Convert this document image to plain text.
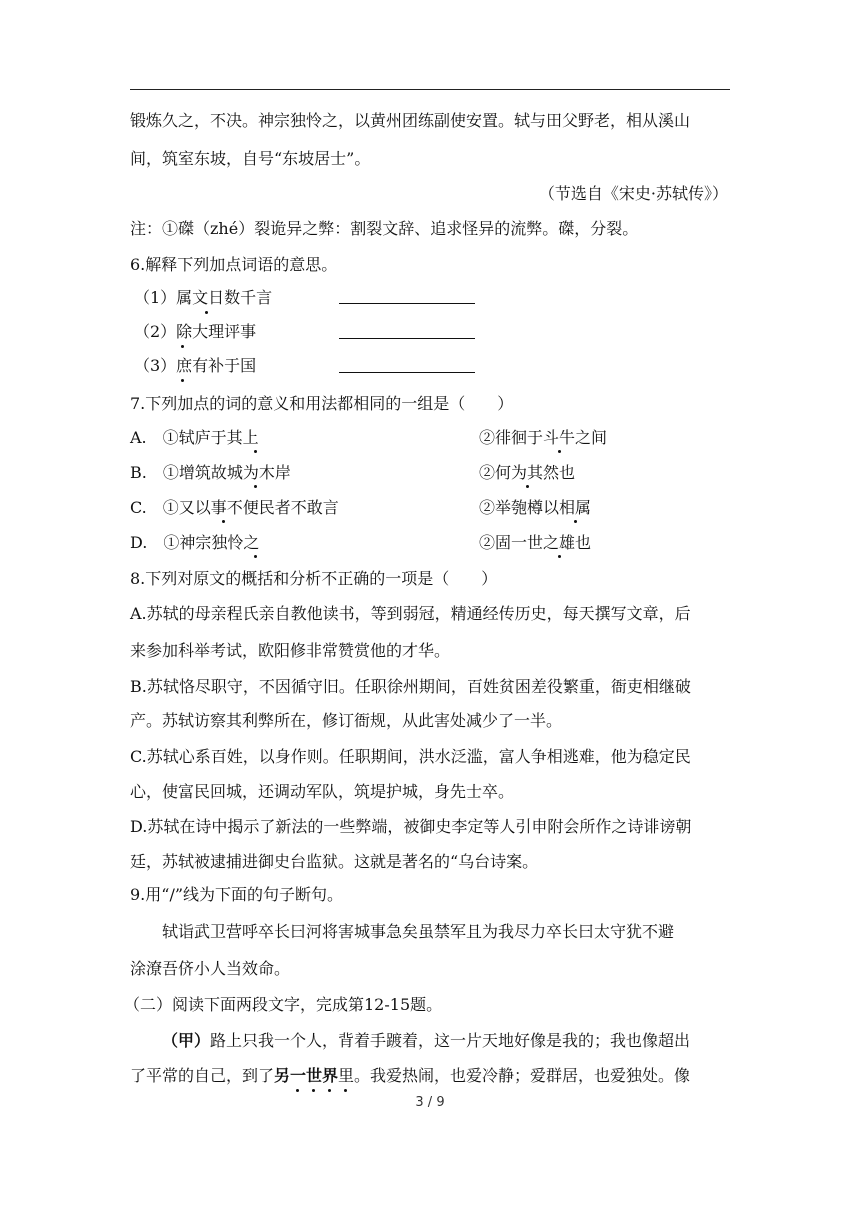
锻炼久之，不决。神宗独怜之，以黄州团练副使安置。轼与田父野老，相从溪山
间，筑室东坡，自号“东坡居士”。
（节选自《宋史·苏轼传》）
注：①磔（zhé）裂诡异之弊：割裂文辞、追求怪异的流弊。磔，分裂。
6.解释下列加点词语的意思。
（1）属文日数千言
（2）除大理评事
（3）庶有补于国
7.下列加点的词的意义和用法都相同的一组是（　　）
A.　①轼庐于其上	②徘徊于斗牛之间
B.　①增筑故城为木岸	②何为其然也
C.　①又以事不便民者不敢言	②举匏樽以相属
D.　①神宗独怜之	②固一世之雄也
8.下列对原文的概括和分析不正确的一项是（　　）
A.苏轼的母亲程氏亲自教他读书，等到弱冠，精通经传历史，每天撰写文章，后
来参加科举考试，欧阳修非常赞赏他的才华。
B.苏轼恪尽职守，不因循守旧。任职徐州期间，百姓贫困差役繁重，衙吏相继破
产。苏轼访察其利弊所在，修订衙规，从此害处减少了一半。
C.苏轼心系百姓，以身作则。任职期间，洪水泛滥，富人争相逃难，他为稳定民
心，使富民回城，还调动军队，筑堤护城，身先士卒。
D.苏轼在诗中揭示了新法的一些弊端，被御史李定等人引申附会所作之诗诽谤朝
廷，苏轼被逮捕进御史台监狱。这就是著名的“乌台诗案。
9.用“/”线为下面的句子断句。
轼诣武卫营呼卒长曰河将害城事急矣虽禁军且为我尽力卒长曰太守犹不避
涂潦吾侪小人当效命。
（二）阅读下面两段文字，完成第12-15题。
（甲）路上只我一个人，背着手踱着，这一片天地好像是我的；我也像超出
了平常的自己，到了另一世界里。我爱热闹，也爱冷静；爱群居，也爱独处。像
3 / 9
